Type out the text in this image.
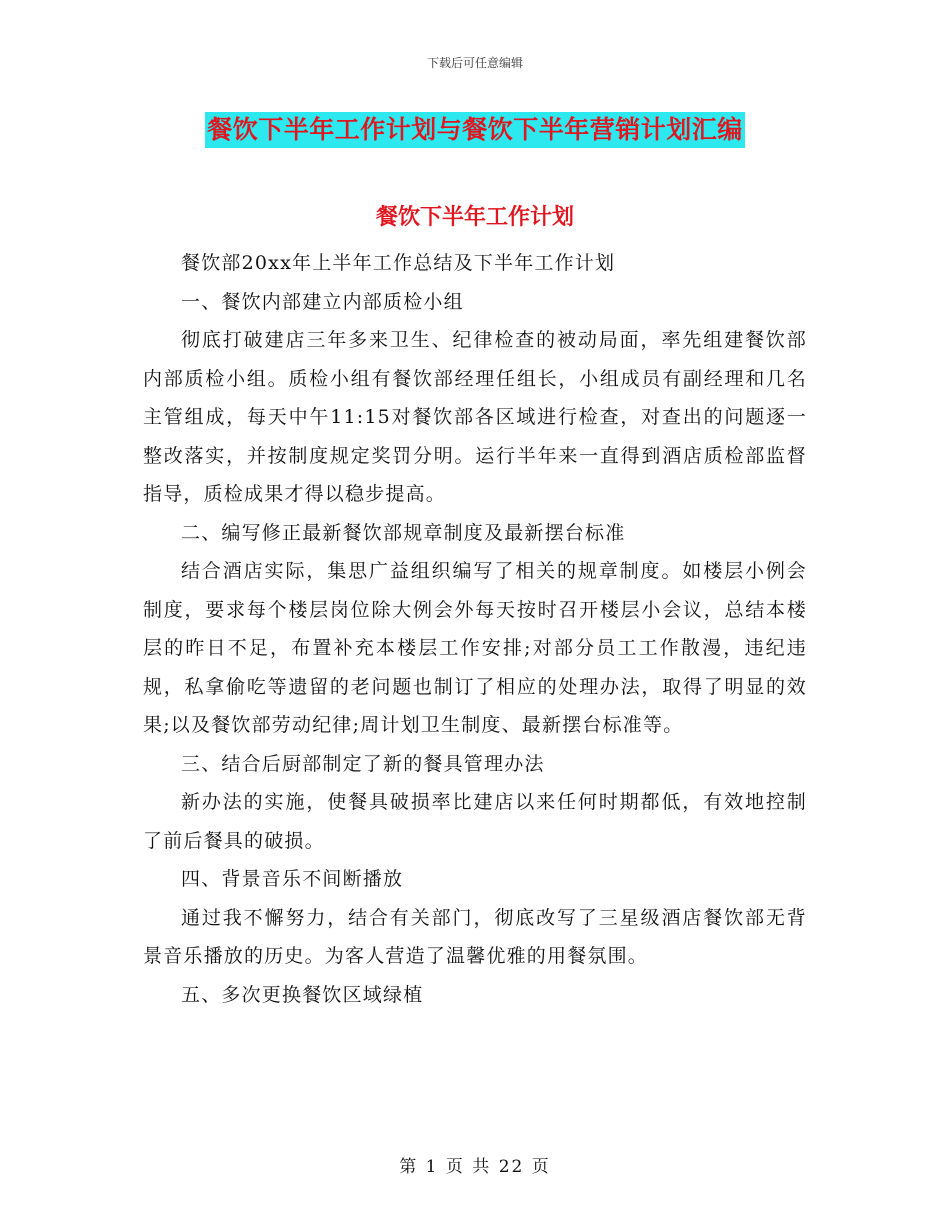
下载后可任意编辑
餐饮下半年工作计划与餐饮下半年营销计划汇编
餐饮下半年工作计划

餐饮部20xx年上半年工作总结及下半年工作计划

一、餐饮内部建立内部质检小组

彻底打破建店三年多来卫生、纪律检查的被动局面，率先组建餐饮部内部质检小组。质检小组有餐饮部经理任组长，小组成员有副经理和几名主管组成，每天中午11:15对餐饮部各区域进行检查，对查出的问题逐一整改落实，并按制度规定奖罚分明。运行半年来一直得到酒店质检部监督指导，质检成果才得以稳步提高。

二、编写修正最新餐饮部规章制度及最新摆台标准

结合酒店实际，集思广益组织编写了相关的规章制度。如楼层小例会制度，要求每个楼层岗位除大例会外每天按时召开楼层小会议，总结本楼层的昨日不足，布置补充本楼层工作安排;对部分员工工作散漫，违纪违规，私拿偷吃等遗留的老问题也制订了相应的处理办法，取得了明显的效果;以及餐饮部劳动纪律;周计划卫生制度、最新摆台标准等。

三、结合后厨部制定了新的餐具管理办法

新办法的实施，使餐具破损率比建店以来任何时期都低，有效地控制了前后餐具的破损。

四、背景音乐不间断播放

通过我不懈努力，结合有关部门，彻底改写了三星级酒店餐饮部无背景音乐播放的历史。为客人营造了温馨优雅的用餐氛围。

五、多次更换餐饮区域绿植

第 1 页 共 22 页
